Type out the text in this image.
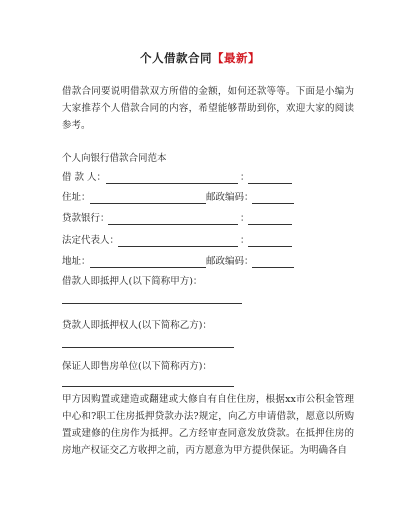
个人借款合同【最新】
借款合同要说明借款双方所借的金额，如何还款等等。下面是小编为大家推荐个人借款合同的内容，希望能够帮助到你，欢迎大家的阅读参考。
个人向银行借款合同范本
借 款 人：	：
住址：	邮政编码：
贷款银行：	：
法定代表人：	：
地址：	邮政编码：
借款人即抵押人(以下简称甲方)：
贷款人即抵押权人(以下简称乙方)：
保证人即售房单位(以下简称丙方)：
甲方因购置或建造或翻建或大修自有自住住房，根据xx市公积金管理中心和?职工住房抵押贷款办法?规定，向乙方申请借款，愿意以所购置或建修的住房作为抵押。乙方经审查同意发放贷款。在抵押住房的房地产权证交乙方收押之前，丙方愿意为甲方提供保证。为明确各自
